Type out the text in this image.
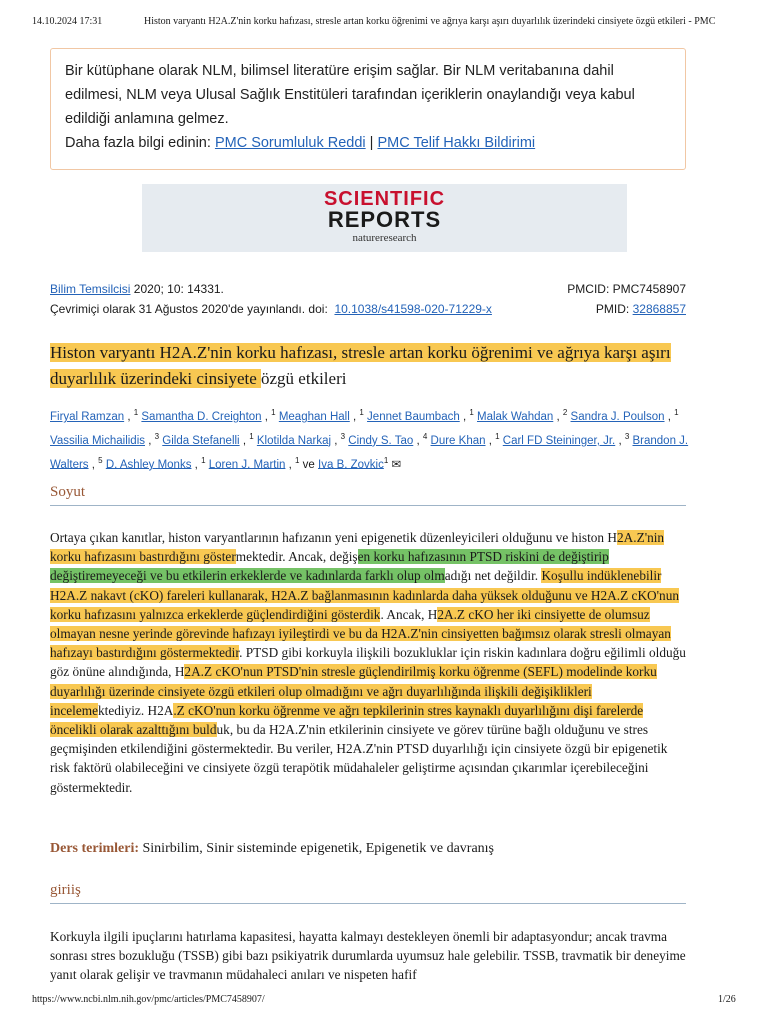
14.10.2024 17:31	Histon varyantı H2A.Z'nin korku hafızası, stresle artan korku öğrenimi ve ağrıya karşı aşırı duyarlılık üzerindeki cinsiyete özgü etkileri - PMC
Bir kütüphane olarak NLM, bilimsel literatüre erişim sağlar. Bir NLM veritabanına dahil edilmesi, NLM veya Ulusal Sağlık Enstitüleri tarafından içeriklerin onaylandığı veya kabul edildiği anlamına gelmez.
Daha fazla bilgi edinin: PMC Sorumluluk Reddi | PMC Telif Hakkı Bildirimi
SCIENTIFIC
REPORTS
natureresearch
Bilim Temsilcisi 2020; 10: 14331.	PMCID: PMC7458907
Çevrimiçi olarak 31 Ağustos 2020'de yayınlandı. doi: 10.1038/s41598-020-71229-x	PMID: 32868857
Histon varyantı H2A.Z'nin korku hafızası, stresle artan korku öğrenimi ve ağrıya karşı aşırı duyarlılık üzerindeki cinsiyete özgü etkileri
Firyal Ramzan , $^1$ Samantha D. Creighton , $^1$ Meaghan Hall , $^1$ Jennet Baumbach , $^1$ Malak Wahdan , $^2$ Sandra J. Poulson , $^1$ Vassilia Michailidis , $^3$ Gilda Stefanelli , $^1$ Klotilda Narkaj , $^3$ Cindy S. Tao , $^4$ Dure Khan , $^1$ Carl FD Steininger, Jr. , $^3$ Brandon J. Walters , $^5$ D. Ashley Monks , $^1$ Loren J. Martin , $^1$ ve Iva B. Zovkic$^1$ ✉
Soyut

Ortaya çıkan kanıtlar, histon varyantlarının hafızanın yeni epigenetik düzenleyicileri olduğunu ve histon H2A.Z'nin korku hafızasını bastırdığını göstermektedir. Ancak, değişen korku hafızasının PTSD riskini de değiştirip değiştiremeyeceği ve bu etkilerin erkeklerde ve kadınlarda farklı olup olmadığı net değildir. Koşullu indüklenebilir H2A.Z nakavt (cKO) fareleri kullanarak, H2A.Z bağlanmasının kadınlarda daha yüksek olduğunu ve H2A.Z cKO'nun korku hafızasını yalnızca erkeklerde güçlendirdiğini gösterdik. Ancak, H2A.Z cKO her iki cinsiyette de olumsuz olmayan nesne yerinde görevinde hafızayı iyileştirdi ve bu da H2A.Z'nin cinsiyetten bağımsız olarak stresli olmayan hafızayı bastırdığını göstermektedir. PTSD gibi korkuyla ilişkili bozukluklar için riskin kadınlara doğru eğilimli olduğu göz önüne alındığında, H2A.Z cKO'nun PTSD'nin stresle güçlendirilmiş korku öğrenme (SEFL) modelinde korku duyarlılığı üzerinde cinsiyete özgü etkileri olup olmadığını ve ağrı duyarlılığında ilişkili değişiklikleri incelemektediyiz. H2A.Z cKO'nun korku öğrenme ve ağrı tepkilerinin stres kaynaklı duyarlılığını dişi farelerde öncelikli olarak azalttığını bulduk, bu da H2A.Z'nin etkilerinin cinsiyete ve görev türüne bağlı olduğunu ve stres geçmişinden etkilendiğini göstermektedir. Bu veriler, H2A.Z'nin PTSD duyarlılığı için cinsiyete özgü bir epigenetik risk faktörü olabileceğini ve cinsiyete özgü terapötik müdahaleler geliştirme açısından çıkarımlar içerebileceğini göstermektedir.

Ders terimleri: Sinirbilim, Sinir sisteminde epigenetik, Epigenetik ve davranış
giriiş

Korkuyla ilgili ipuçlarını hatırlama kapasitesi, hayatta kalmayı destekleyen önemli bir adaptasyondur; ancak travma sonrası stres bozukluğu (TSSB) gibi bazı psikiyatrik durumlarda uyumsuz hale gelebilir. TSSB, travmatik bir deneyime yanıt olarak gelişir ve travmanın müdahaleci anıları ve nispeten hafif

https://www.ncbi.nlm.nih.gov/pmc/articles/PMC7458907/	1/26
